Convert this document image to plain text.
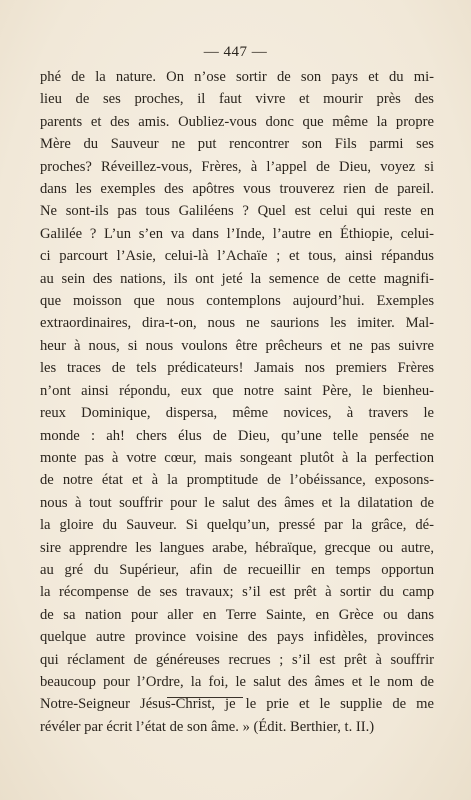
— 447 —
phé de la nature. On n’ose sortir de son pays et du mi-
lieu de ses proches, il faut vivre et mourir près des
parents et des amis. Oubliez-vous donc que même la propre
Mère du Sauveur ne put rencontrer son Fils parmi ses
proches? Réveillez-vous, Frères, à l’appel de Dieu, voyez si
dans les exemples des apôtres vous trouverez rien de pareil.
Ne sont-ils pas tous Galiléens ? Quel est celui qui reste en
Galilée ? L’un s’en va dans l’Inde, l’autre en Éthiopie, celui-
ci parcourt l’Asie, celui-là l’Achaïe ; et tous, ainsi répandus
au sein des nations, ils ont jeté la semence de cette magnifi-
que moisson que nous contemplons aujourd’hui. Exemples
extraordinaires, dira-t-on, nous ne saurions les imiter. Mal-
heur à nous, si nous voulons être prêcheurs et ne pas suivre
les traces de tels prédicateurs! Jamais nos premiers Frères
n’ont ainsi répondu, eux que notre saint Père, le bienheu-
reux Dominique, dispersa, même novices, à travers le
monde : ah! chers élus de Dieu, qu’une telle pensée ne
monte pas à votre cœur, mais songeant plutôt à la perfection
de notre état et à la promptitude de l’obéissance, exposons-
nous à tout souffrir pour le salut des âmes et la dilatation de
la gloire du Sauveur. Si quelqu’un, pressé par la grâce, dé-
sire apprendre les langues arabe, hébraïque, grecque ou autre,
au gré du Supérieur, afin de recueillir en temps opportun
la récompense de ses travaux; s’il est prêt à sortir du camp
de sa nation pour aller en Terre Sainte, en Grèce ou dans
quelque autre province voisine des pays infidèles, provinces
qui réclament de généreuses recrues ; s’il est prêt à souffrir
beaucoup pour l’Ordre, la foi, le salut des âmes et le nom de
Notre-Seigneur Jésus-Christ, je le prie et le supplie de me
révéler par écrit l’état de son âme. » (Édit. Berthier, t. II.)
